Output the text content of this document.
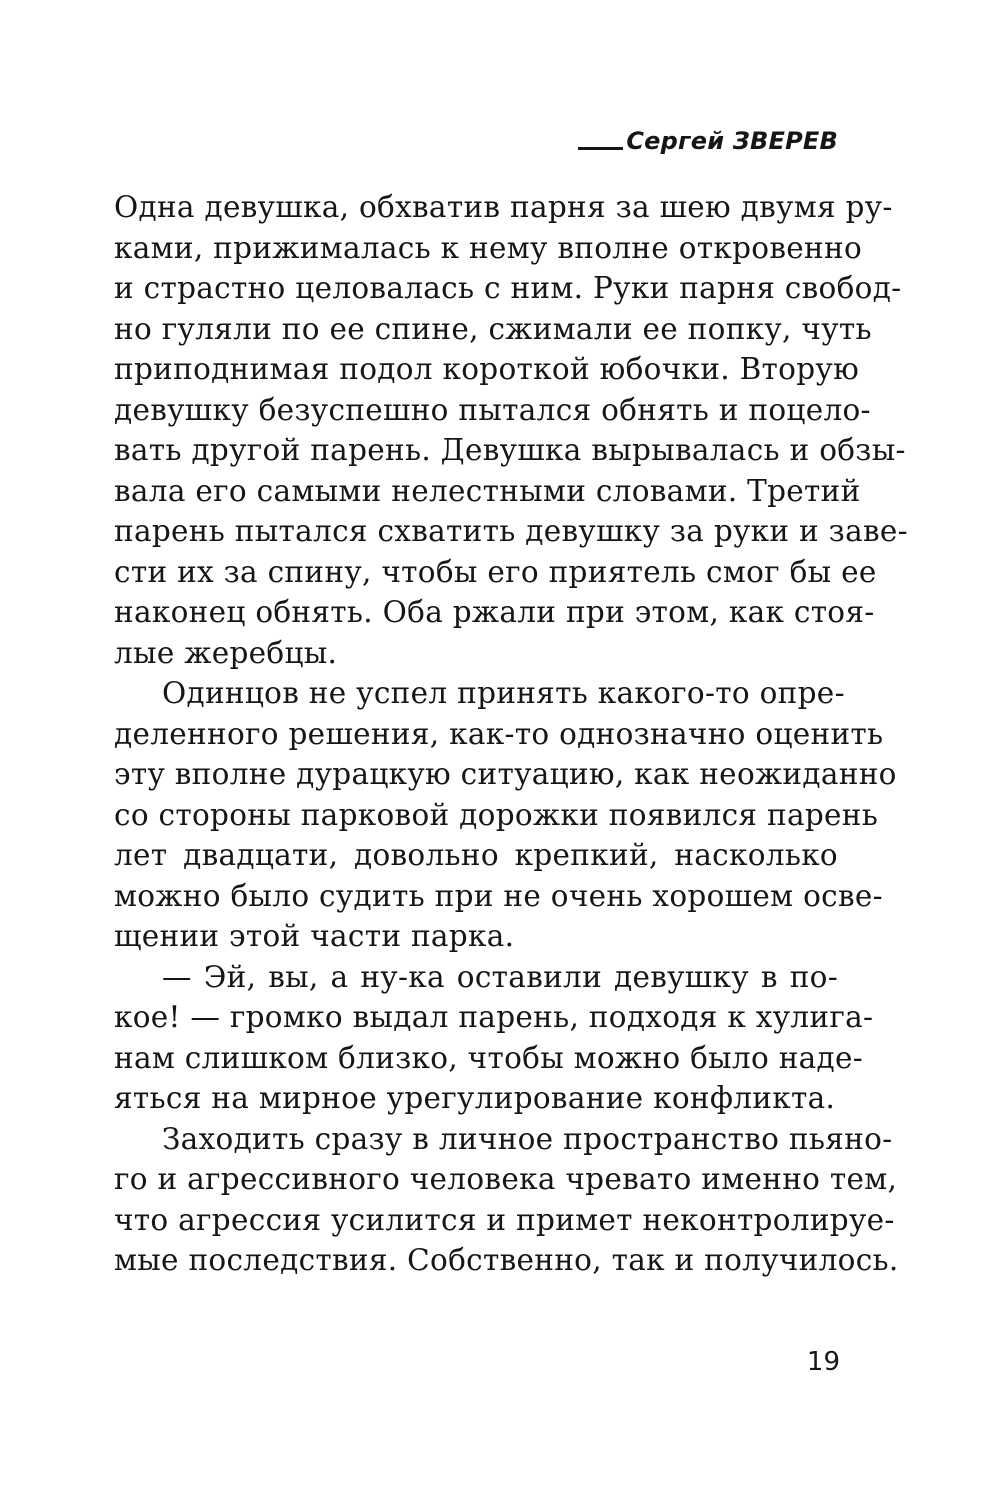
Сергей ЗВЕРЕВ
Одна девушка, обхватив парня за шею двумя ру-
ками, прижималась к нему вполне откровенно
и страстно целовалась с ним. Руки парня свобод-
но гуляли по ее спине, сжимали ее попку, чуть
приподнимая подол короткой юбочки. Вторую
девушку безуспешно пытался обнять и поцело-
вать другой парень. Девушка вырывалась и обзы-
вала его самыми нелестными словами. Третий
парень пытался схватить девушку за руки и заве-
сти их за спину, чтобы его приятель смог бы ее
наконец обнять. Оба ржали при этом, как стоя-
лые жеребцы.
Одинцов не успел принять какого-то опре-
деленного решения, как-то однозначно оценить
эту вполне дурацкую ситуацию, как неожиданно
со стороны парковой дорожки появился парень
лет двадцати, довольно крепкий, насколько
можно было судить при не очень хорошем осве-
щении этой части парка.
— Эй, вы, а ну-ка оставили девушку в по-
кое! — громко выдал парень, подходя к хулига-
нам слишком близко, чтобы можно было наде-
яться на мирное урегулирование конфликта.
Заходить сразу в личное пространство пьяно-
го и агрессивного человека чревато именно тем,
что агрессия усилится и примет неконтролируе-
мые последствия. Собственно, так и получилось.
19
